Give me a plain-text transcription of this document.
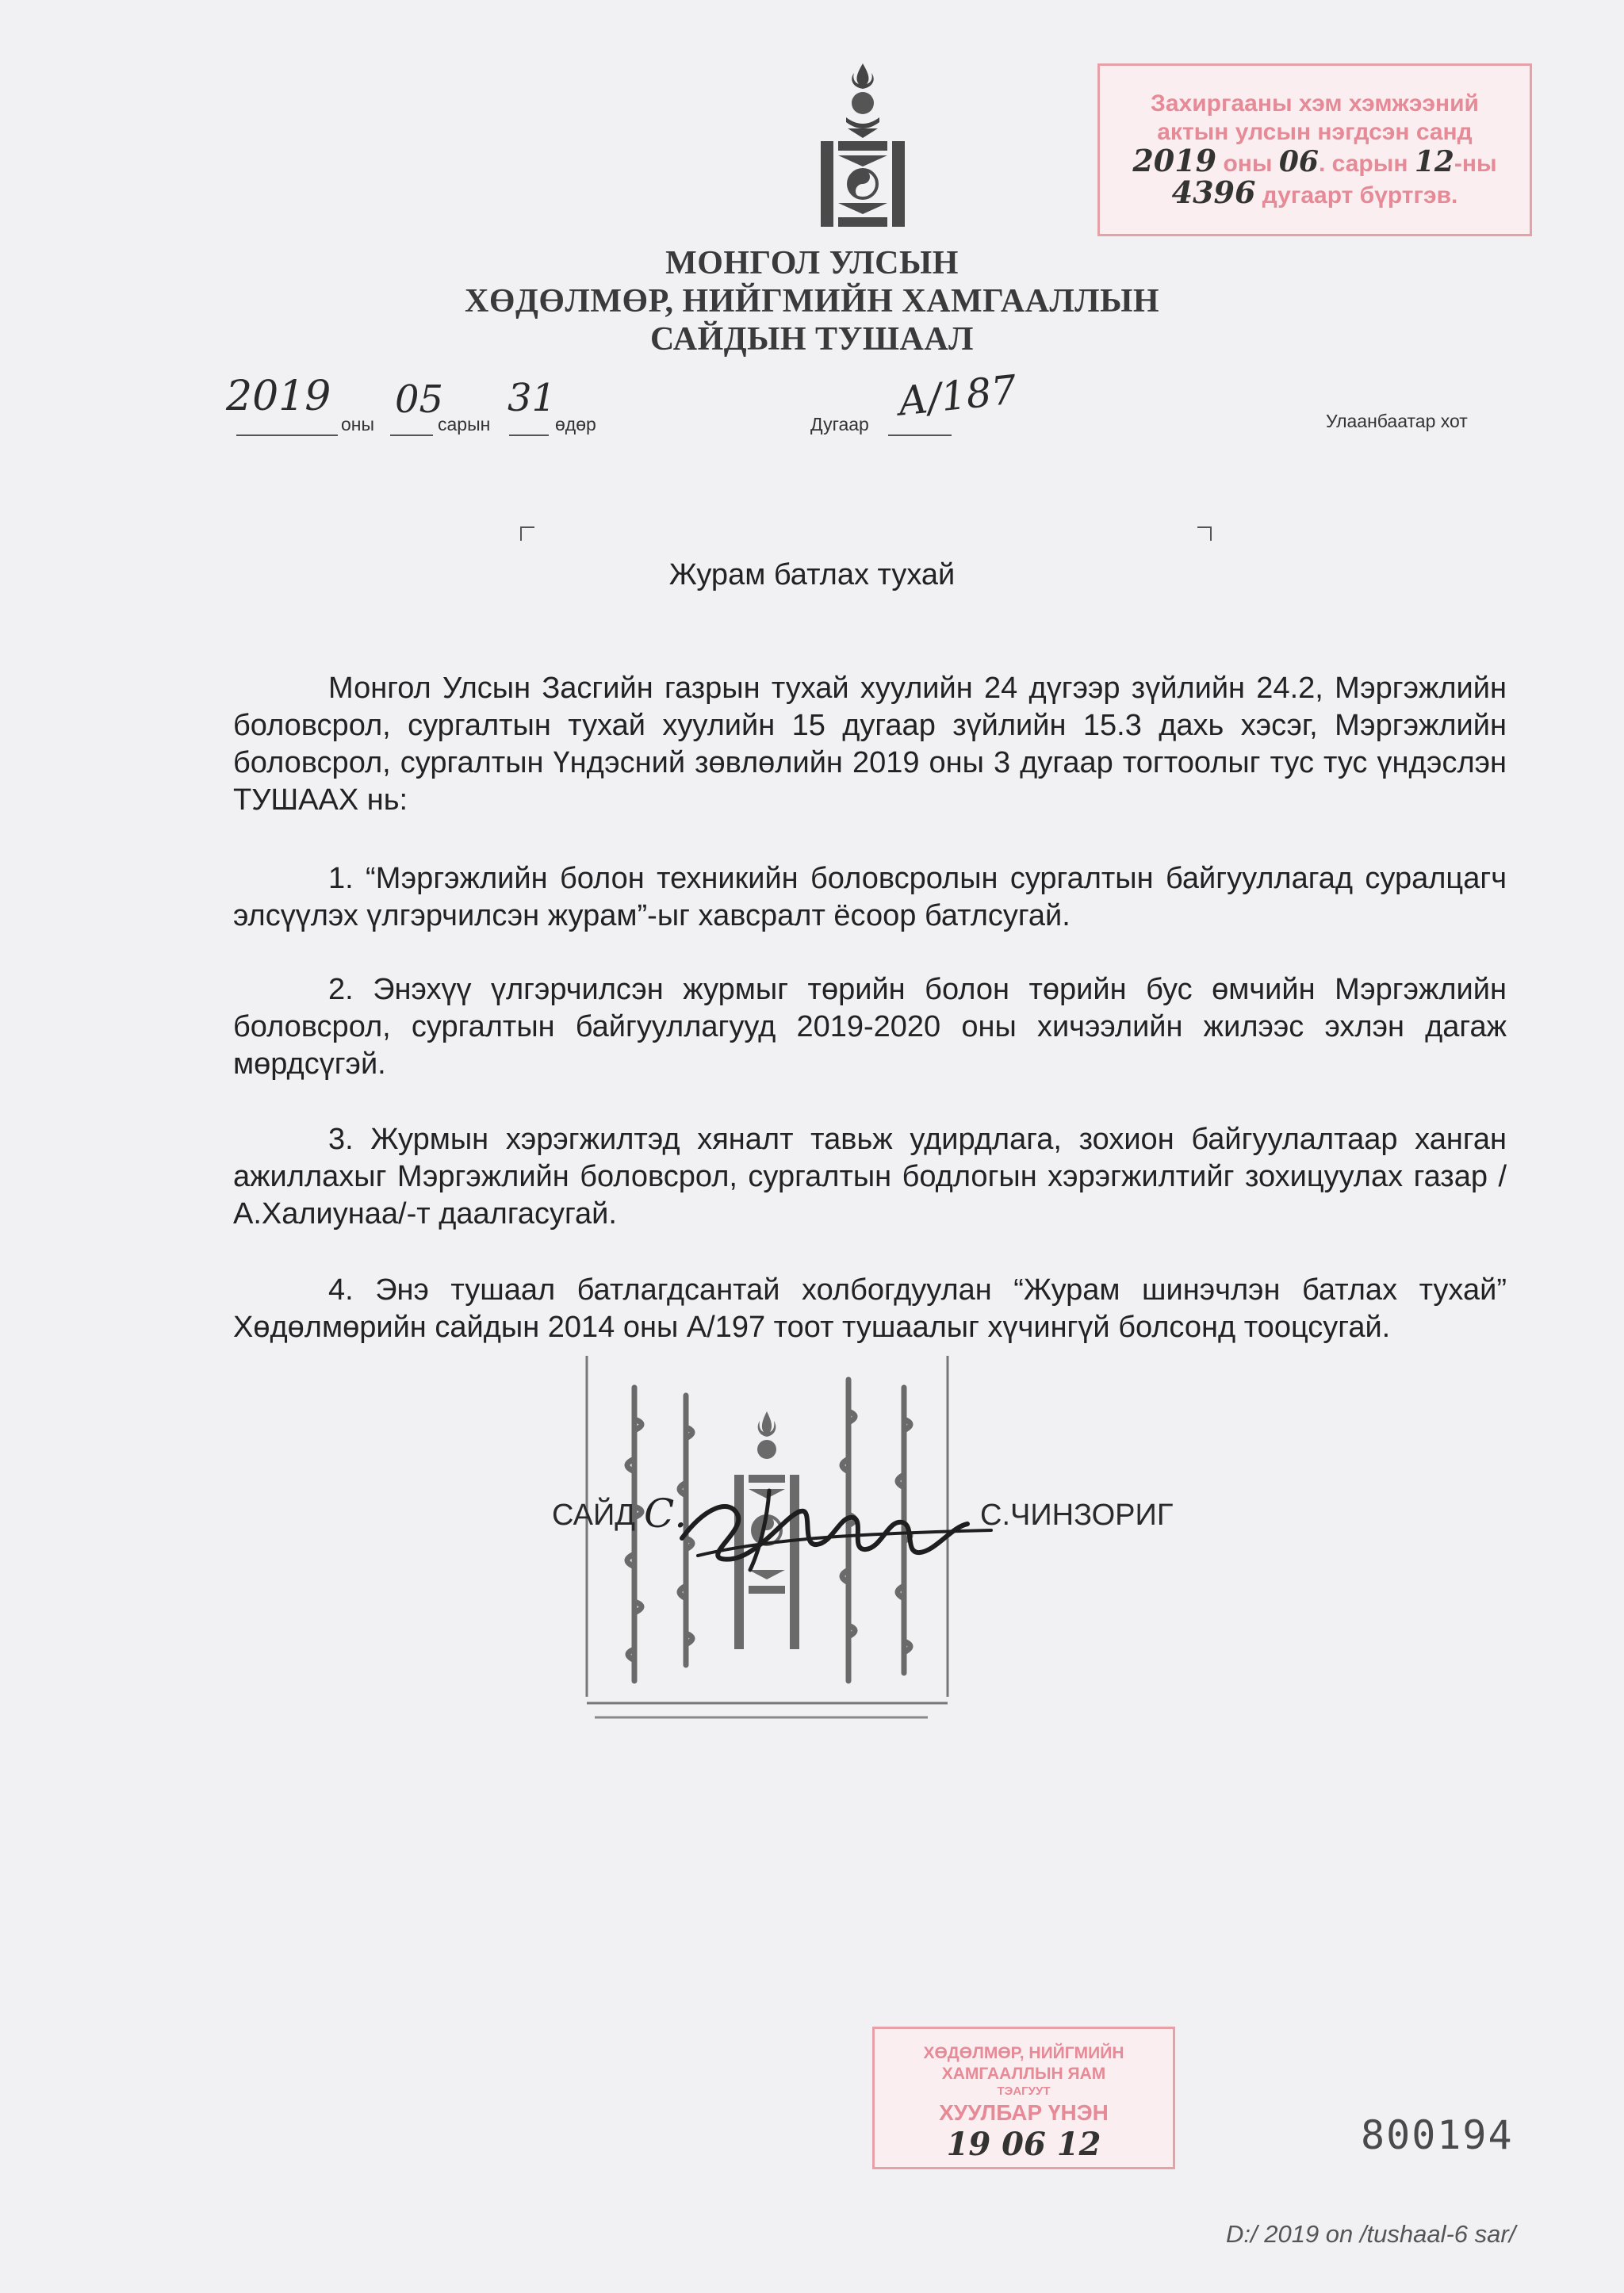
Захиргааны хэм хэмжээний
актын улсын нэгдсэн санд
2019 оны 06. сарын 12-ны
4396 дугаарт бүртгэв.
МОНГОЛ УЛСЫН
ХӨДӨЛМӨР, НИЙГМИЙН ХАМГААЛЛЫН
САЙДЫН ТУШААЛ
2019
оны
05
сарын
31
өдөр	Дугаар А/187	Улаанбаатар хот
Журам батлах тухай
Монгол Улсын Засгийн газрын тухай хуулийн 24 дүгээр зүйлийн 24.2, Мэргэжлийн боловсрол, сургалтын тухай хуулийн 15 дугаар зүйлийн 15.3 дахь хэсэг, Мэргэжлийн боловсрол, сургалтын Үндэсний зөвлөлийн 2019 оны 3 дугаар тогтоолыг тус тус үндэслэн ТУШААХ нь:
1. “Мэргэжлийн болон техникийн боловсролын сургалтын байгууллагад суралцагч элсүүлэх үлгэрчилсэн журам”-ыг хавсралт ёсоор батлсугай.
2. Энэхүү үлгэрчилсэн журмыг төрийн болон төрийн бус өмчийн Мэргэжлийн боловсрол, сургалтын байгууллагууд 2019-2020 оны хичээлийн жилээс эхлэн дагаж мөрдсүгэй.
3. Журмын хэрэгжилтэд хяналт тавьж удирдлага, зохион байгуулалтаар ханган ажиллахыг Мэргэжлийн боловсрол, сургалтын бодлогын хэрэгжилтийг зохицуулах газар /А.Халиунаа/-т даалгасугай.
4. Энэ тушаал батлагдсантай холбогдуулан “Журам шинэчлэн батлах тухай” Хөдөлмөрийн сайдын 2014 оны А/197 тоот тушаалыг хүчингүй болсонд тооцсугай.
САЙД С.	С.ЧИНЗОРИГ
ХӨДӨЛМӨР, НИЙГМИЙН
ХАМГААЛЛЫН ЯАМ
ТЭАГУУТ
ХУУЛБАР ҮНЭН
19 06 12	800194
D:/ 2019 on /tushaal-6 sar/
